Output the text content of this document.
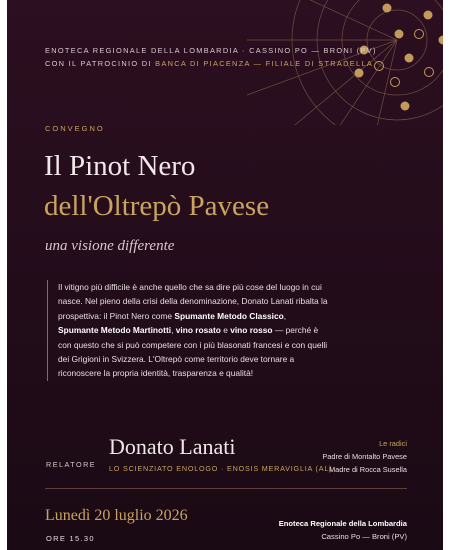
ENOTECA REGIONALE DELLA LOMBARDIA · CASSINO PO — BRONI (PV)
CON IL PATROCINIO DI BANCA DI PIACENZA — FILIALE DI STRADELLA
CONVEGNO
Il Pinot Nero
dell'Oltrepò Pavese
una visione differente
Il vitigno più difficile è anche quello che sa dire più cose del luogo in cui nasce. Nel pieno della crisi della denominazione, Donato Lanati ribalta la prospettiva: il Pinot Nero come Spumante Metodo Classico, Spumante Metodo Martinotti, vino rosato e vino rosso — perché è con questo che si può competere con i più blasonati francesi e con quelli dei Grigioni in Svizzera. L'Oltrepò come territorio deve tornare a riconoscere la propria identità, trasparenza e qualità!
RELATORE
Donato Lanati
LO SCIENZIATO ENOLOGO · ENOSIS MERAVIGLIA (AL)
Le radici
Padre di Montalto Pavese
Madre di Rocca Susella
Lunedì 20 luglio 2026
ORE 15.30
Enoteca Regionale della Lombardia
Cassino Po — Broni (PV)
